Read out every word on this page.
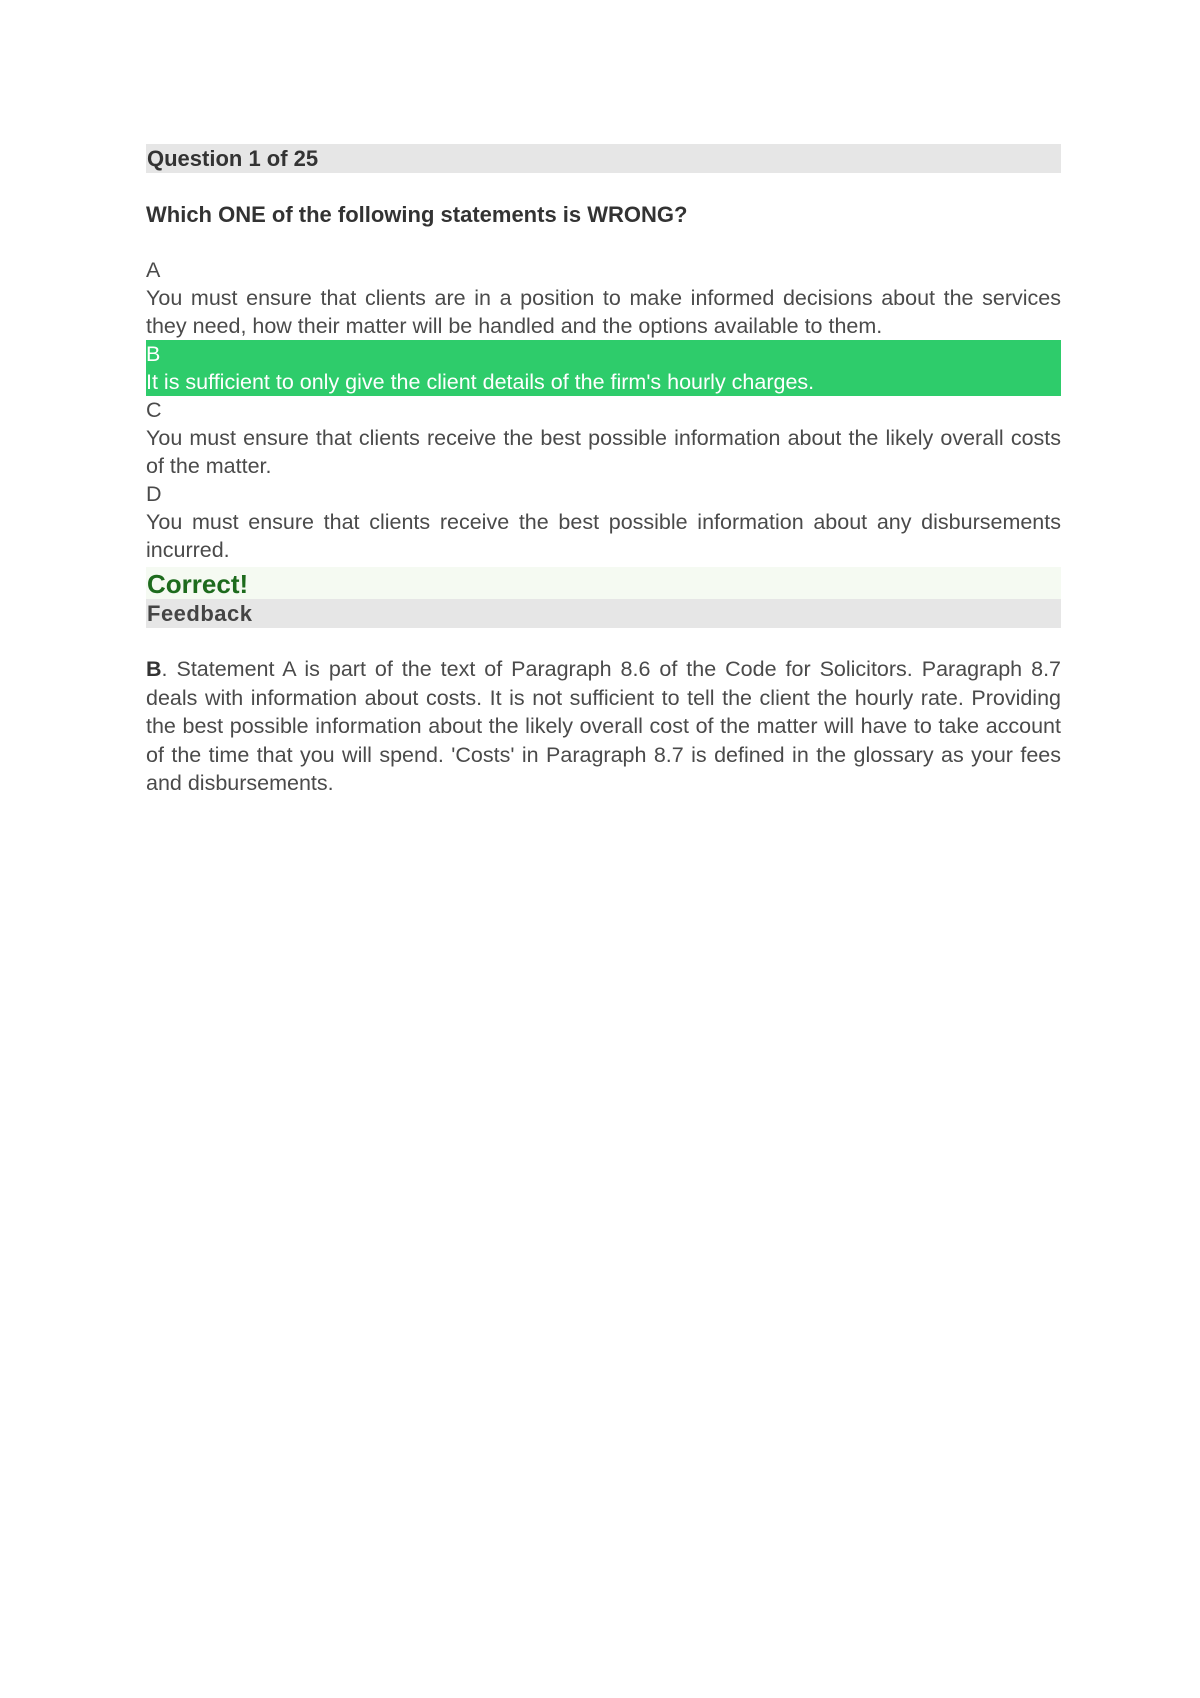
Question 1 of 25
Which ONE of the following statements is WRONG?
A
You must ensure that clients are in a position to make informed decisions about the services they need, how their matter will be handled and the options available to them.
B
It is sufficient to only give the client details of the firm's hourly charges.
C
You must ensure that clients receive the best possible information about the likely overall costs of the matter.
D
You must ensure that clients receive the best possible information about any disbursements incurred.
Correct!
Feedback
B. Statement A is part of the text of Paragraph 8.6 of the Code for Solicitors. Paragraph 8.7 deals with information about costs. It is not sufficient to tell the client the hourly rate. Providing the best possible information about the likely overall cost of the matter will have to take account of the time that you will spend. 'Costs' in Paragraph 8.7 is defined in the glossary as your fees and disbursements.
